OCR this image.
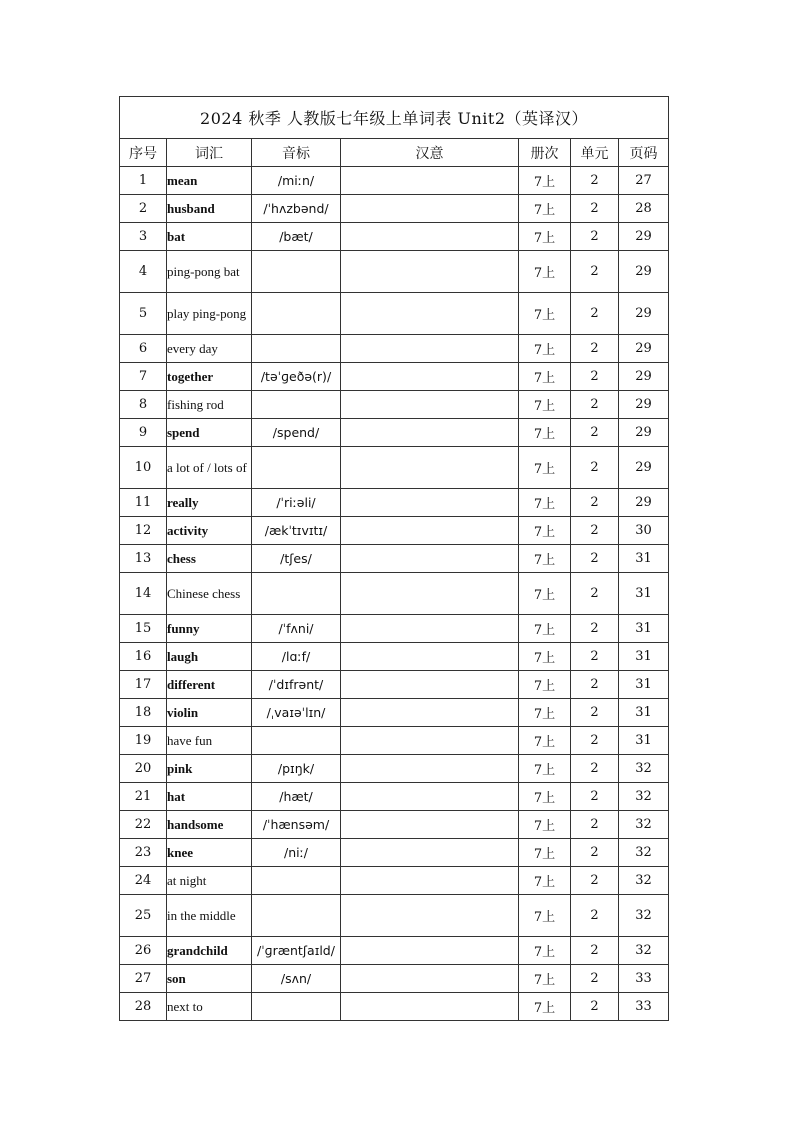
2024 秋季 人教版七年级上单词表 Unit2（英译汉）						
序号	词汇	音标	汉意	册次	单元	页码
1	mean	/miːn/		7上	2	27
2	husband	/ˈhʌzbənd/		7上	2	28
3	bat	/bæt/		7上	2	29
4	ping-pong bat			7上	2	29
5	play ping-pong			7上	2	29
6	every day			7上	2	29
7	together	/təˈɡeðə(r)/		7上	2	29
8	fishing rod			7上	2	29
9	spend	/spend/		7上	2	29
10	a lot of / lots of			7上	2	29
11	really	/ˈriːəli/		7上	2	29
12	activity	/ækˈtɪvɪtɪ/		7上	2	30
13	chess	/tʃes/		7上	2	31
14	Chinese chess			7上	2	31
15	funny	/ˈfʌni/		7上	2	31
16	laugh	/lɑːf/		7上	2	31
17	different	/ˈdɪfrənt/		7上	2	31
18	violin	/ˌvaɪəˈlɪn/		7上	2	31
19	have fun			7上	2	31
20	pink	/pɪŋk/		7上	2	32
21	hat	/hæt/		7上	2	32
22	handsome	/ˈhænsəm/		7上	2	32
23	knee	/niː/		7上	2	32
24	at night			7上	2	32
25	in the middle			7上	2	32
26	grandchild	/ˈɡræntʃaɪld/		7上	2	32
27	son	/sʌn/		7上	2	33
28	next to			7上	2	33
